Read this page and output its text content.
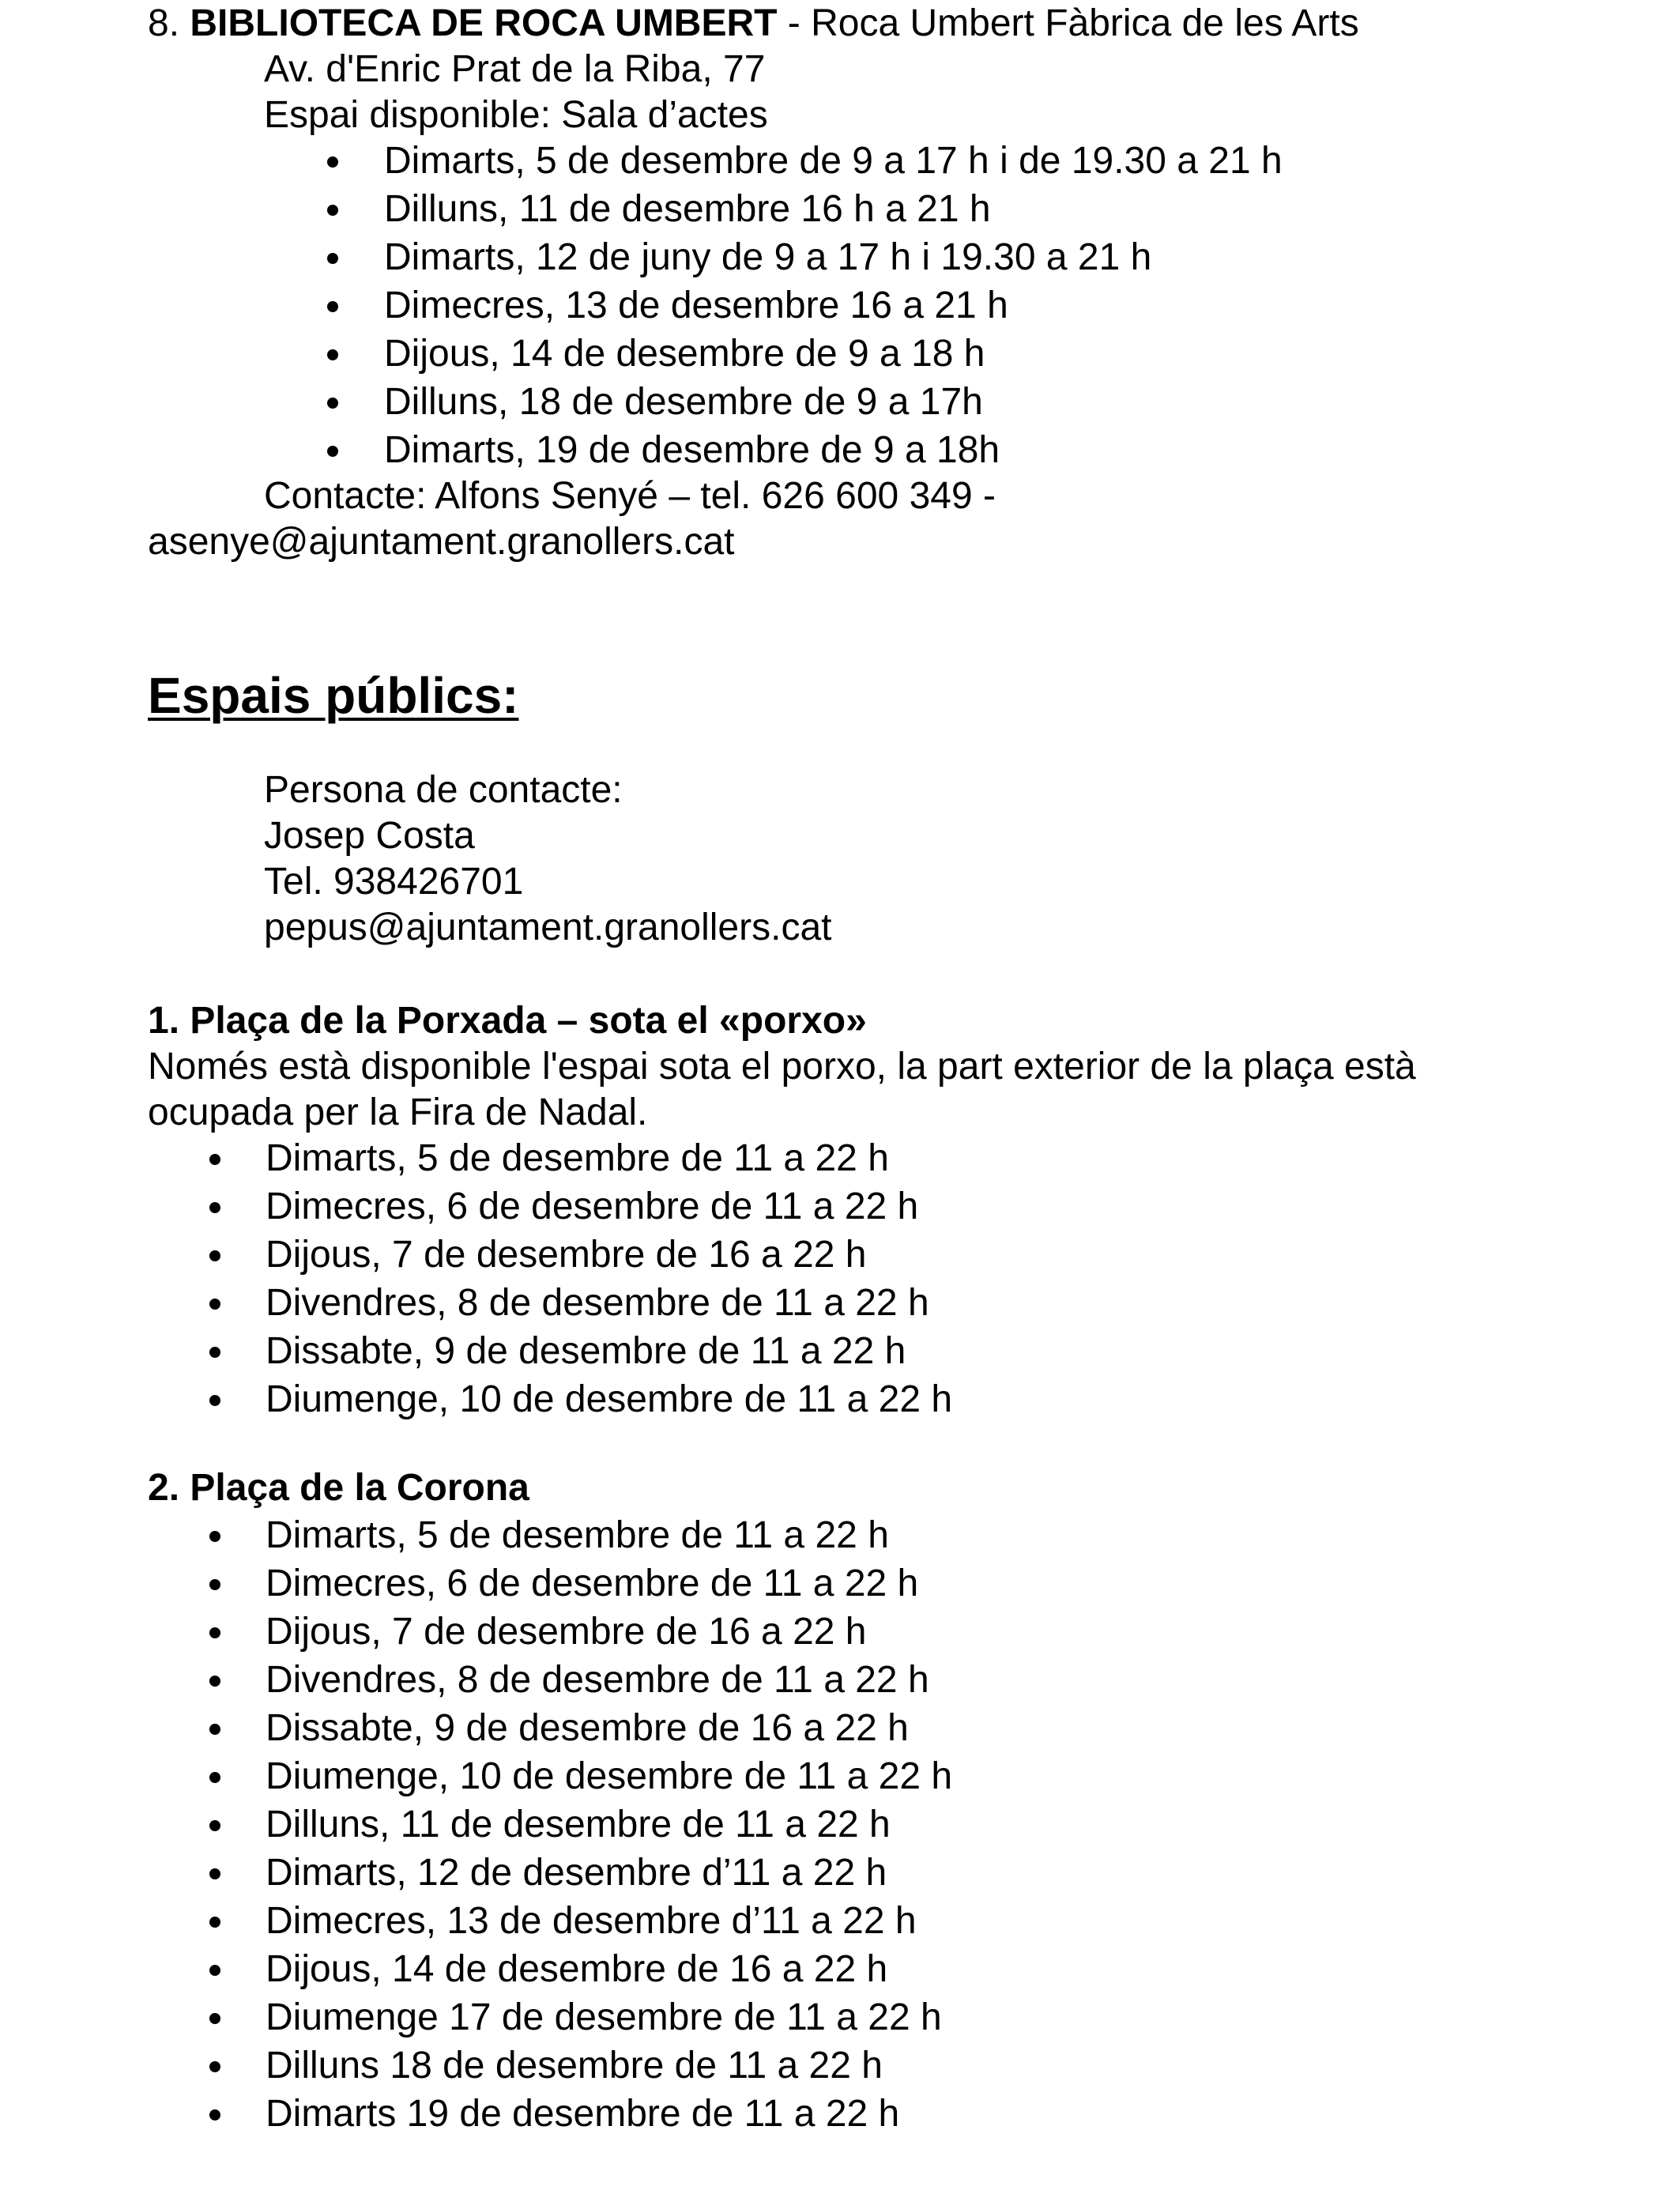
8. BIBLIOTECA DE ROCA UMBERT - Roca Umbert Fàbrica de les Arts
Av. d'Enric Prat de la Riba, 77
Espai disponible: Sala d’actes
Dimarts, 5 de desembre de 9 a 17 h i de 19.30 a 21 h
Dilluns, 11 de desembre 16 h a 21 h
Dimarts, 12 de juny de 9 a 17 h i 19.30 a 21 h
Dimecres, 13 de desembre 16 a 21 h
Dijous, 14 de desembre de 9 a 18 h
Dilluns, 18 de desembre de 9 a 17h
Dimarts, 19 de desembre de 9 a 18h
Contacte: Alfons Senyé – tel. 626 600 349 -
asenye@ajuntament.granollers.cat
Espais públics:
Persona de contacte:
Josep Costa
Tel. 938426701
pepus@ajuntament.granollers.cat
1. Plaça de la Porxada – sota el «porxo»
Només està disponible l'espai sota el porxo, la part exterior de la plaça està
ocupada per la Fira de Nadal.
Dimarts, 5 de desembre de 11 a 22 h
Dimecres, 6 de desembre de 11 a 22 h
Dijous, 7 de desembre de 16 a 22 h
Divendres, 8 de desembre de 11 a 22 h
Dissabte, 9 de desembre de 11 a 22 h
Diumenge, 10 de desembre de 11 a 22 h
2. Plaça de la Corona
Dimarts, 5 de desembre de 11 a 22 h
Dimecres, 6 de desembre de 11 a 22 h
Dijous, 7 de desembre de 16 a 22 h
Divendres, 8 de desembre de 11 a 22 h
Dissabte, 9 de desembre de 16 a 22 h
Diumenge, 10 de desembre de 11 a 22 h
Dilluns, 11 de desembre de 11 a 22 h
Dimarts, 12 de desembre d’11 a 22 h
Dimecres, 13 de desembre d’11 a 22 h
Dijous, 14 de desembre de 16 a 22 h
Diumenge 17 de desembre de 11 a 22 h
Dilluns 18 de desembre de 11 a 22 h
Dimarts 19 de desembre de 11 a 22 h
